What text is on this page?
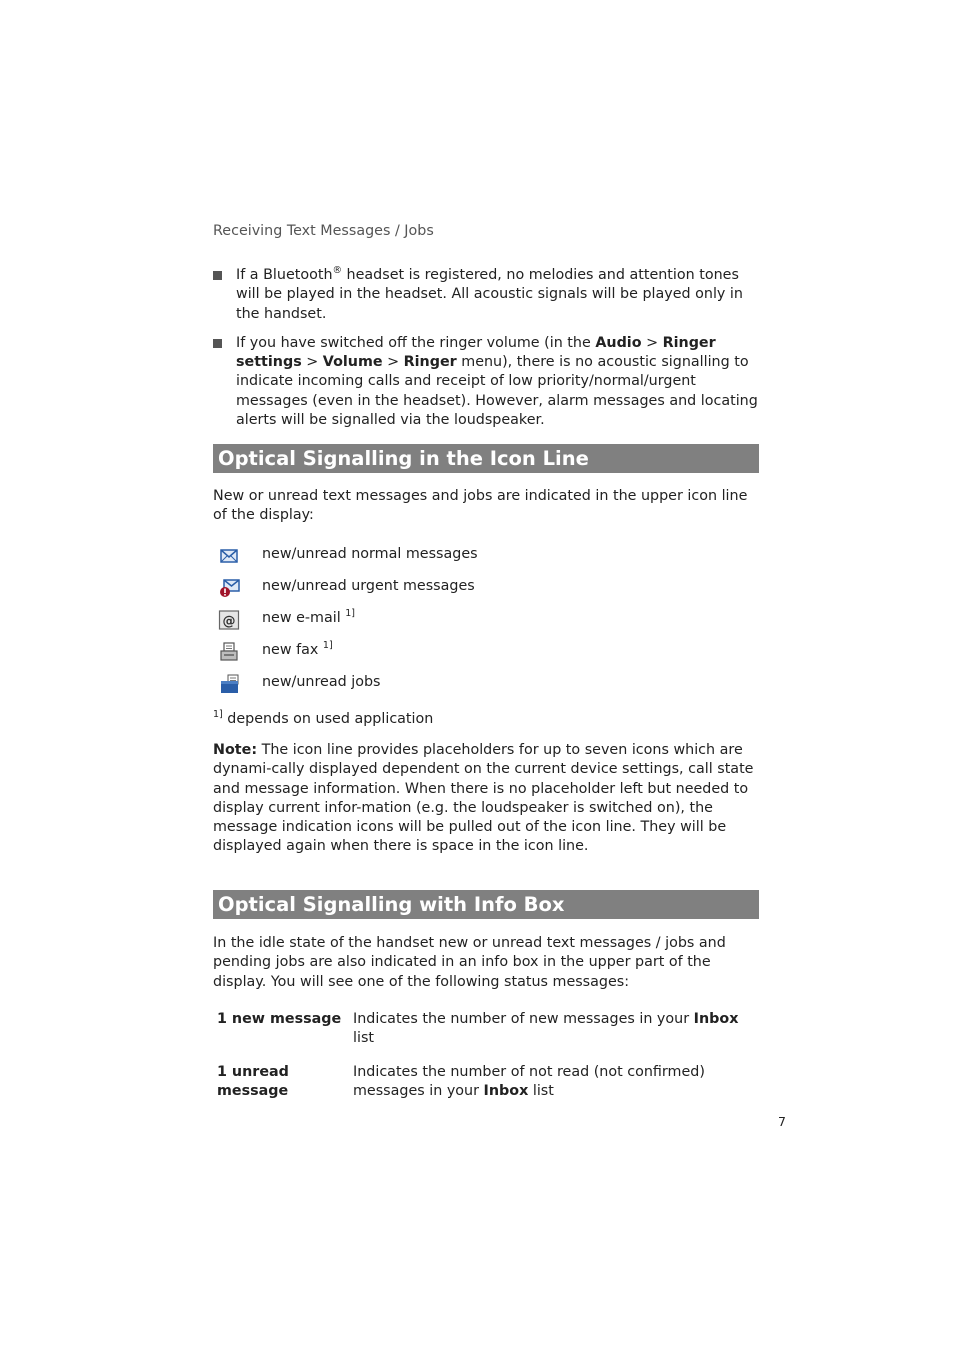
Receiving Text Messages / Jobs
If a Bluetooth® headset is registered, no melodies and attention tones will be played in the headset. All acoustic signals will be played only in the handset.
If you have switched off the ringer volume (in the Audio > Ringer settings > Volume > Ringer menu), there is no acoustic signalling to indicate incoming calls and receipt of low priority/normal/urgent messages (even in the headset). However, alarm messages and locating alerts will be signalled via the loudspeaker.
Optical Signalling in the Icon Line
New or unread text messages and jobs are indicated in the upper icon line of the display:
new/unread normal messages
new/unread urgent messages
@ new e-mail $^{1]}$
new fax $^{1]}$
new/unread jobs
$^{1]}$ depends on used application
Note: The icon line provides placeholders for up to seven icons which are dynami-cally displayed dependent on the current device settings, call state and message information. When there is no placeholder left but needed to display current infor-mation (e.g. the loudspeaker is switched on), the message indication icons will be pulled out of the icon line. They will be displayed again when there is space in the icon line.
Optical Signalling with Info Box
In the idle state of the handset new or unread text messages / jobs and pending jobs are also indicated in an info box in the upper part of the display. You will see one of the following status messages:
1 new message	Indicates the number of new messages in your Inbox list
1 unread message	Indicates the number of not read (not confirmed) messages in your Inbox list
7
